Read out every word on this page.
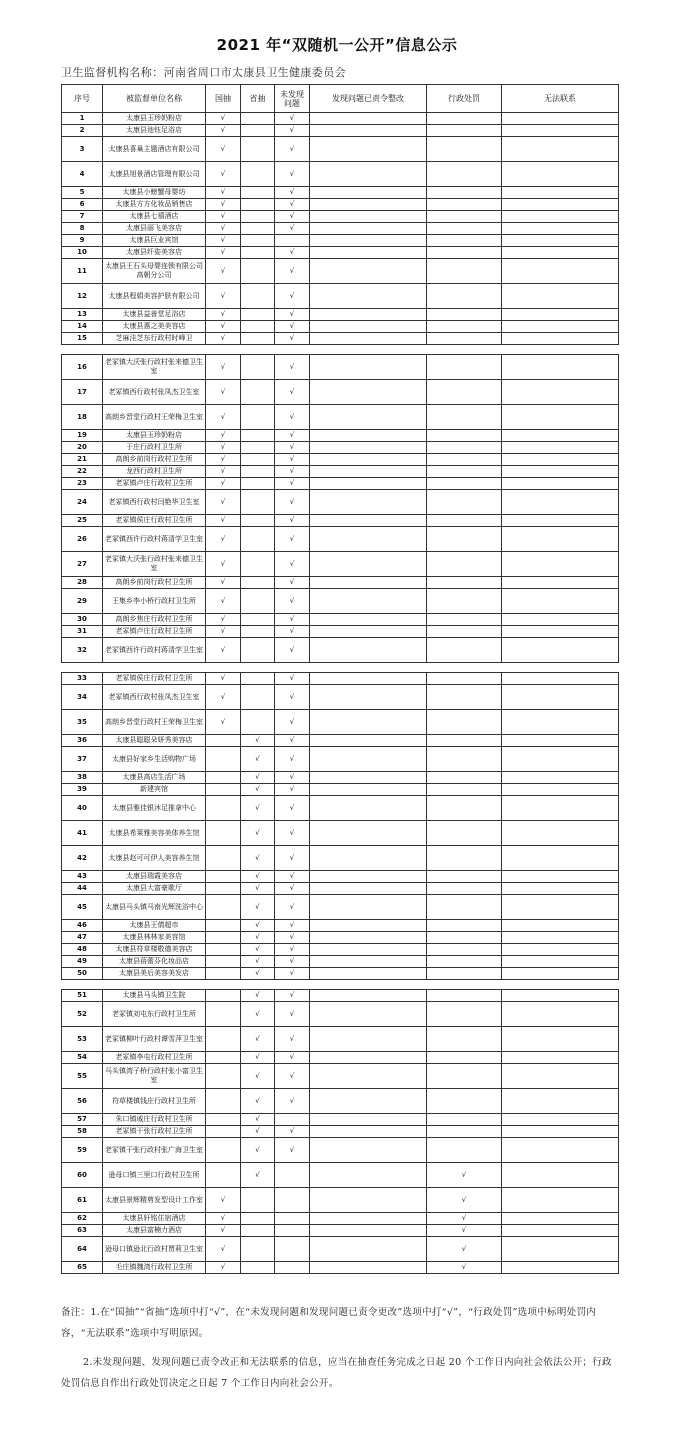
2021 年“双随机一公开”信息公示
卫生监督机构名称：河南省周口市太康县卫生健康委员会
序号	被监督单位名称	国抽	省抽	未发现问题	发现问题已责令整改	行政处罚	无法联系
1	太康县玉珍奶粉店	√		√			
2	太康县池钰足浴店	√		√			
3	太康县喜巢主题酒店有限公司	√		√			
4	太康县旭景酒店管理有限公司	√		√			
5	太康县小螃蟹母婴坊	√		√			
6	太康县方方化妆品销售店	√		√			
7	太康县七禧酒店	√		√			
8	太康县丽飞美容店	√		√			
9	太康县巨业宾馆	√					
10	太康县纤姿美容店	√		√			
11	太康县王石头母婴连锁有限公司高朝分公司	√		√			
12	太康县程娟美容护肤有限公司	√		√			
13	太康县益善堂足浴店	√		√			
14	太康县惠之美美容店	√		√			
15	芝麻洼芝东行政村时峰卫	√		√			

16	老冢镇大沃张行政村张来德卫生室	√		√			
17	老冢镇西行政村张凤杰卫生室	√		√			
18	高朗乡晋堂行政村王荣梅卫生室	√		√			
19	太康县玉珍奶粉店	√		√			
20	于庄行政村卫生所	√		√			
21	高朗乡前岗行政村卫生所	√		√			
22	龙西行政村卫生所	√		√			
23	老冢镇卢庄行政村卫生所	√		√			
24	老冢镇西行政村闫艳华卫生室	√		√			
25	老冢镇侯庄行政村卫生所	√		√			
26	老冢镇西许行政村蒋清学卫生室	√		√			
27	老冢镇大沃张行政村张来德卫生室	√		√			
28	高朗乡前岗行政村卫生所	√		√			
29	王集乡李小桥行政村卫生所	√		√			
30	高朗乡焦庄行政村卫生所	√		√			
31	老冢镇卢庄行政村卫生所	√		√			
32	老冢镇西许行政村蒋清学卫生室	√		√			

33	老冢镇侯庄行政村卫生所	√		√			
34	老冢镇西行政村张凤杰卫生室	√		√			
35	高朗乡晋堂行政村王荣梅卫生室	√		√			
36	太康县聪聪朵妍秀美容店		√	√			
37	太康县好家乡生活购物广场		√	√			
38	太康县高店生活广场		√	√			
39	新建宾馆		√	√			
40	太康县雅佳银沐足推拿中心		√	√			
41	太康县希莱雅美容美体养生馆		√	√			
42	太康县赵可可伊人美容养生馆		√	√			
43	太康县瑞霞美容店		√	√			
44	太康县大富豪歌厅		√	√			
45	太康县马头镇马南光辉洗浴中心		√	√			
46	太康县王倩超市		√	√			
47	太康县林林家美容馆		√	√			
48	太康县符草楼敬德美容店		√	√			
49	太康县蓓蕾芬化妆品店		√	√			
50	太康县美后美容美发店		√	√			

51	太康县马头镇卫生院		√	√			
52	老冢镇刘屯东行政村卫生所		√	√			
53	老冢镇柳叶行政村谭雪萍卫生室		√	√			
54	老冢镇李屯行政村卫生所		√	√			
55	马头镇湾子桥行政村张小富卫生室		√	√			
56	符草楼镇钱庄行政村卫生所		√	√			
57	朱口镇戚庄行政村卫生所		√				
58	老冢镇干张行政村卫生所		√	√			
59	老冢镇干张行政村张广海卫生室		√	√			
60	逊母口镇三里口行政村卫生所		√			√	
61	太康县景辉精剪发型设计工作室	√				√	
62	太康县轩铭住宿酒店	√				√	
63	太康县富楠力酒店	√				√	
64	逊母口镇逊北行政村贾莉卫生室	√				√	
65	毛庄镇魏湾行政村卫生所	√				√	

备注：1.在“国抽”“省抽”选项中打“√”，在“未发现问题和发现问题已责令更改”选项中打“√”，“行政处罚”选项中标明处罚内容，“无法联系”选项中写明原因。

2.未发现问题、发现问题已责令改正和无法联系的信息，应当在抽查任务完成之日起 20 个工作日内向社会依法公开；行政处罚信息自作出行政处罚决定之日起 7 个工作日内向社会公开。
